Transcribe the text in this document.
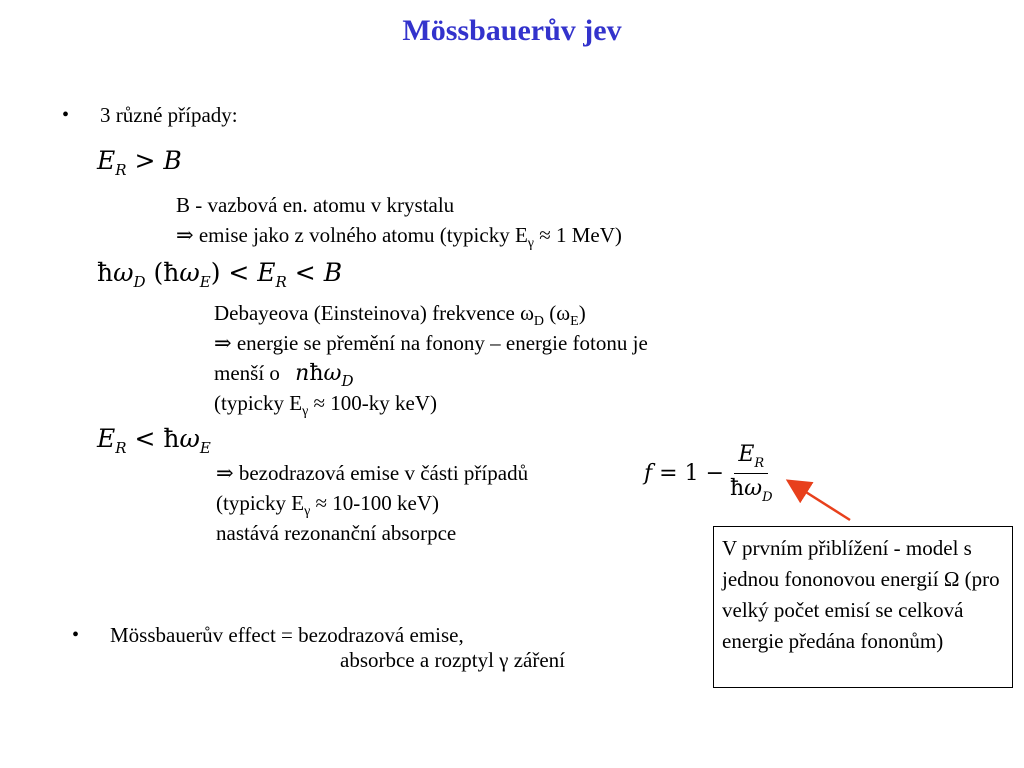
Mössbauerův jev
• 3 různé případy:
$E_R > B$
B - vazbová en. atomu v krystalu
⇒ emise jako z volného atomu (typicky $E_\gamma \approx 1$ MeV)
$ħ\omega_D$ $(ħ\omega_E) < E_R < B$
Debayeova (Einsteinova) frekvence $\omega_D$ $(\omega_E)$
⇒ energie se přemění na fonony – energie fotonu je
menší o nħω$_D$
(typicky $E_\gamma \approx 100-ky$ keV)
$E_R$ < $ħ\omega_E$
⇒ bezodrazová emise v části případů
(typicky $E_\gamma \approx 10-100$ keV)
nastává rezonanční absorpce
$f = 1 - \frac{E_R}{ħ\omega_D}$
V prvním přiblížení - model s jednou fononovou energií Ω (pro velký počet emisí se celková energie předána fononům)
• Mössbauerův effect = bezodrazová emise,
absorbce a rozptyl γ záření
